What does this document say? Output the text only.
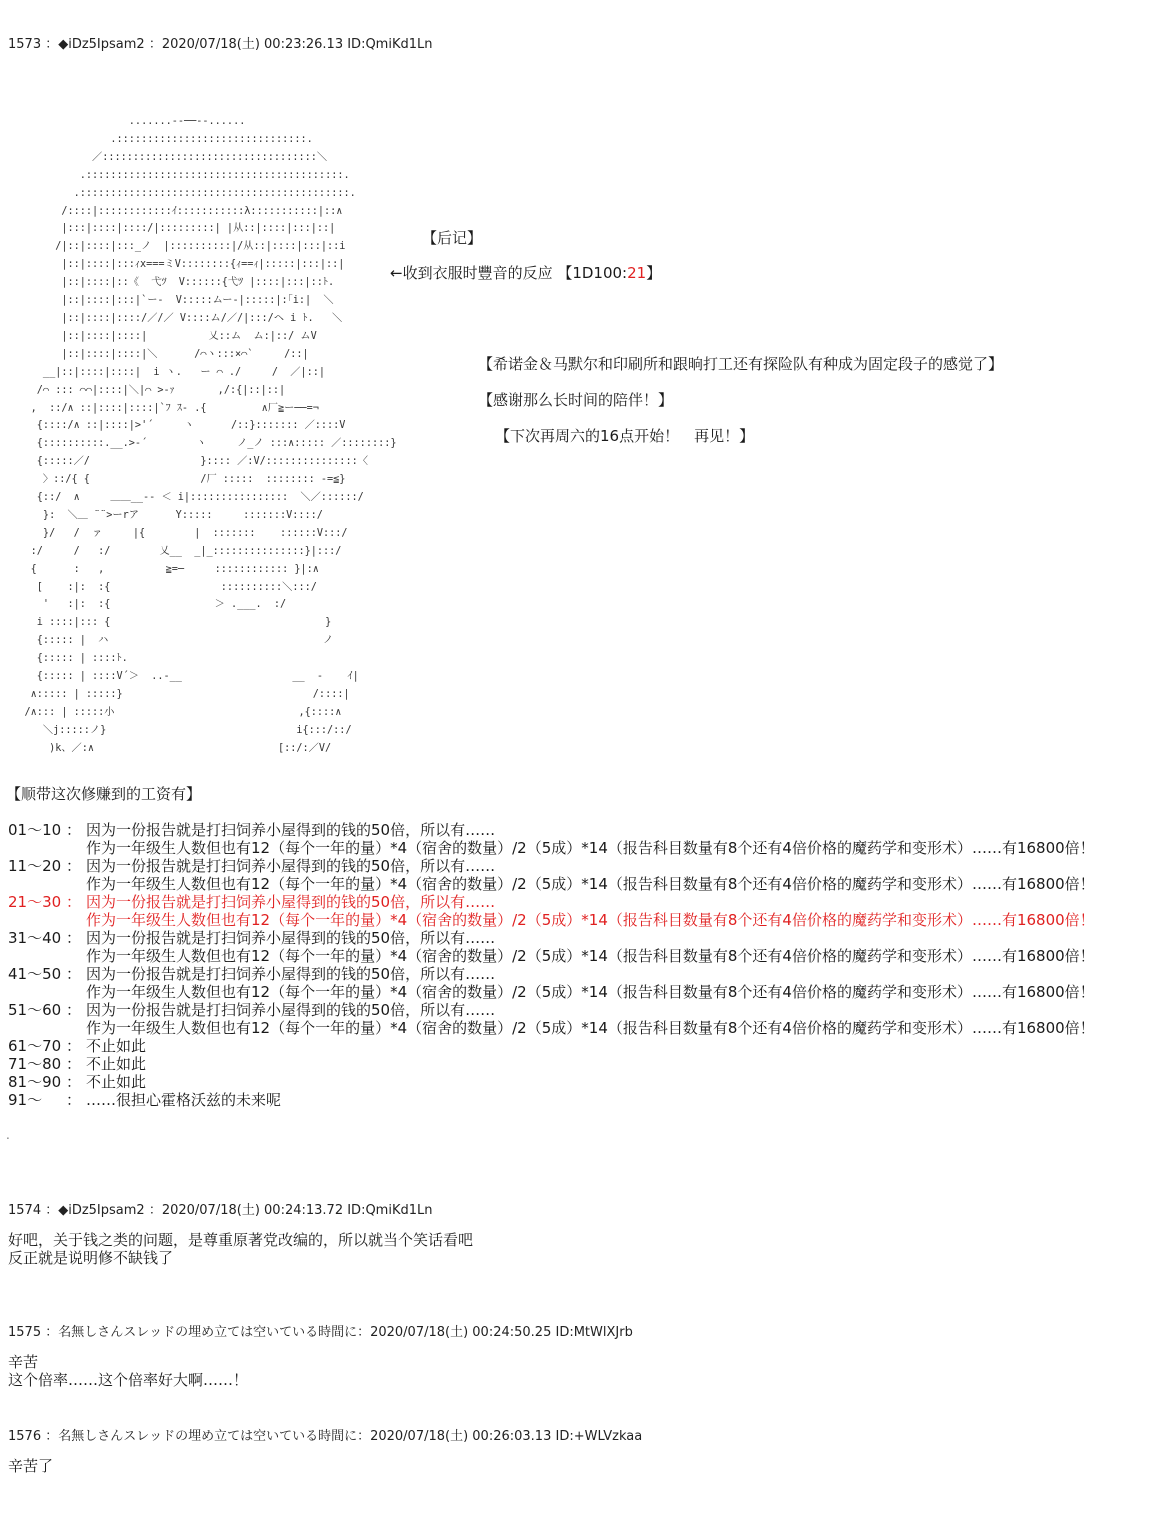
1573 ：◆iDz5Ipsam2 ：2020/07/18(土) 00:23:26.13 ID:QmiKd1Ln
.......-‐──‐-......
.:::::::::::::::::::::::::::::::.
／:::::::::::::::::::::::::::::::::::＼
.::::::::::::::::::::::::::::::::::::::::::.
.::::::::::::::::::::::::::::::::::::::::::::.
/::::|::::::::::::ｲ:::::::::::λ:::::::::::|::∧
|:::|::::|::::/|:::::::::| |从::|::::|:::|::|
/|::|::::|:::_ノ  |::::::::::|/从::|::::|:::|::i
|::|::::|:::ｨx===ミV::::::::{ｨ==ｨ|:::::|:::|::|
|::|::::|::《  弋ﾂ  V::::::{弋ﾂ |::::|:::|::ﾄ.
|::|::::|:::|`ー‐  V:::::ムー‐|:::::|:｢i:|  ＼
|::|::::|::::/／/／ V::::ム/／/|:::/ヘ i ﾄ.   ＼
|::|::::|::::|          乂::ム  ム:|::/ ムV
|::|::::|::::|＼      /⌒ヽ:::×⌒`     /::|
__|::|::::|::::|  i ヽ.   ー ⌒ ./     /  ／|::|
/⌒ ::: ⌒⌒|::::|＼|⌒ >‐ｧ       ,/:{|::|::|
,  ::/∧ ::|::::|::::|`ﾌ ｽ‐ .{         ∧厂≧ー──=¬
{::::/∧ ::|::::|>'´     ヽ      /::}::::::: ／::::V
{::::::::::.__.>-´        ヽ     ノ_ノ :::∧::::: ／::::::::}
{:::::／/                  }:::: ／:V/:::::::::::::::〈
〉::/{ {                  /厂 :::::  :::::::: -=≦}
{::/  ∧     ＿＿__-- ＜ i|::::::::::::::::  ＼／::::::/
}:  ＼＿ ¨¨>ーrア      Y:::::     :::::::V::::/
}/   /  ァ     |{        |  :::::::    ::::::V:::/
:/     /   :/        乂__  _|_:::::::::::::::}|:::/
{      :   ,          ≧=─     :::::::::::: }|:∧
[    :|:  :{                  ::::::::::＼:::/
'   :|:  :{                 ＞ .___.  :/
i ::::|::: {                                   }
{::::: |  ハ                                   ノ
{::::: | ::::ﾄ.
{::::: | ::::V´＞  ..-__                  __  -    ｲ|
∧::::: | :::::}                               /::::|
/∧::: | :::::小                              ,{::::∧
＼j:::::ノ}                               i{:::/::/
)k、／:∧                              [::/:／V/
【后记】
←收到衣服时豐音的反应 【1D100:21】
【希诺金＆马默尔和印刷所和跟晌打工还有探险队有种成为固定段子的感觉了】
【感谢那么长时间的陪伴！】
【下次再周六的16点开始！　再见！】
【顺带这次修赚到的工资有】
01～10 ： 因为一份报告就是打扫饲养小屋得到的钱的50倍，所以有……
作为一年级生人数但也有12（每个一年的量）*4（宿舍的数量）/2（5成）*14（报告科目数量有8个还有4倍价格的魔药学和变形术）……有16800倍！
11～20 ： 因为一份报告就是打扫饲养小屋得到的钱的50倍，所以有……
作为一年级生人数但也有12（每个一年的量）*4（宿舍的数量）/2（5成）*14（报告科目数量有8个还有4倍价格的魔药学和变形术）……有16800倍！
21～30 ： 因为一份报告就是打扫饲养小屋得到的钱的50倍，所以有……
作为一年级生人数但也有12（每个一年的量）*4（宿舍的数量）/2（5成）*14（报告科目数量有8个还有4倍价格的魔药学和变形术）……有16800倍！
31～40 ： 因为一份报告就是打扫饲养小屋得到的钱的50倍，所以有……
作为一年级生人数但也有12（每个一年的量）*4（宿舍的数量）/2（5成）*14（报告科目数量有8个还有4倍价格的魔药学和变形术）……有16800倍！
41～50 ： 因为一份报告就是打扫饲养小屋得到的钱的50倍，所以有……
作为一年级生人数但也有12（每个一年的量）*4（宿舍的数量）/2（5成）*14（报告科目数量有8个还有4倍价格的魔药学和变形术）……有16800倍！
51～60 ： 因为一份报告就是打扫饲养小屋得到的钱的50倍，所以有……
作为一年级生人数但也有12（每个一年的量）*4（宿舍的数量）/2（5成）*14（报告科目数量有8个还有4倍价格的魔药学和变形术）……有16800倍！
61～70 ： 不止如此
71～80 ： 不止如此
81～90 ： 不止如此
91～ ： ……很担心霍格沃兹的未来呢
.
1574 ：◆iDz5Ipsam2 ：2020/07/18(土) 00:24:13.72 ID:QmiKd1Ln
好吧，关于钱之类的问题，是尊重原著党改编的，所以就当个笑话看吧
反正就是说明修不缺钱了
1575 ：名無しさんスレッドの埋め立ては空いている時間に：2020/07/18(土) 00:24:50.25 ID:MtWlXJrb
辛苦
这个倍率……这个倍率好大啊……！
1576 ：名無しさんスレッドの埋め立ては空いている時間に：2020/07/18(土) 00:26:03.13 ID:+WLVzkaa
辛苦了
